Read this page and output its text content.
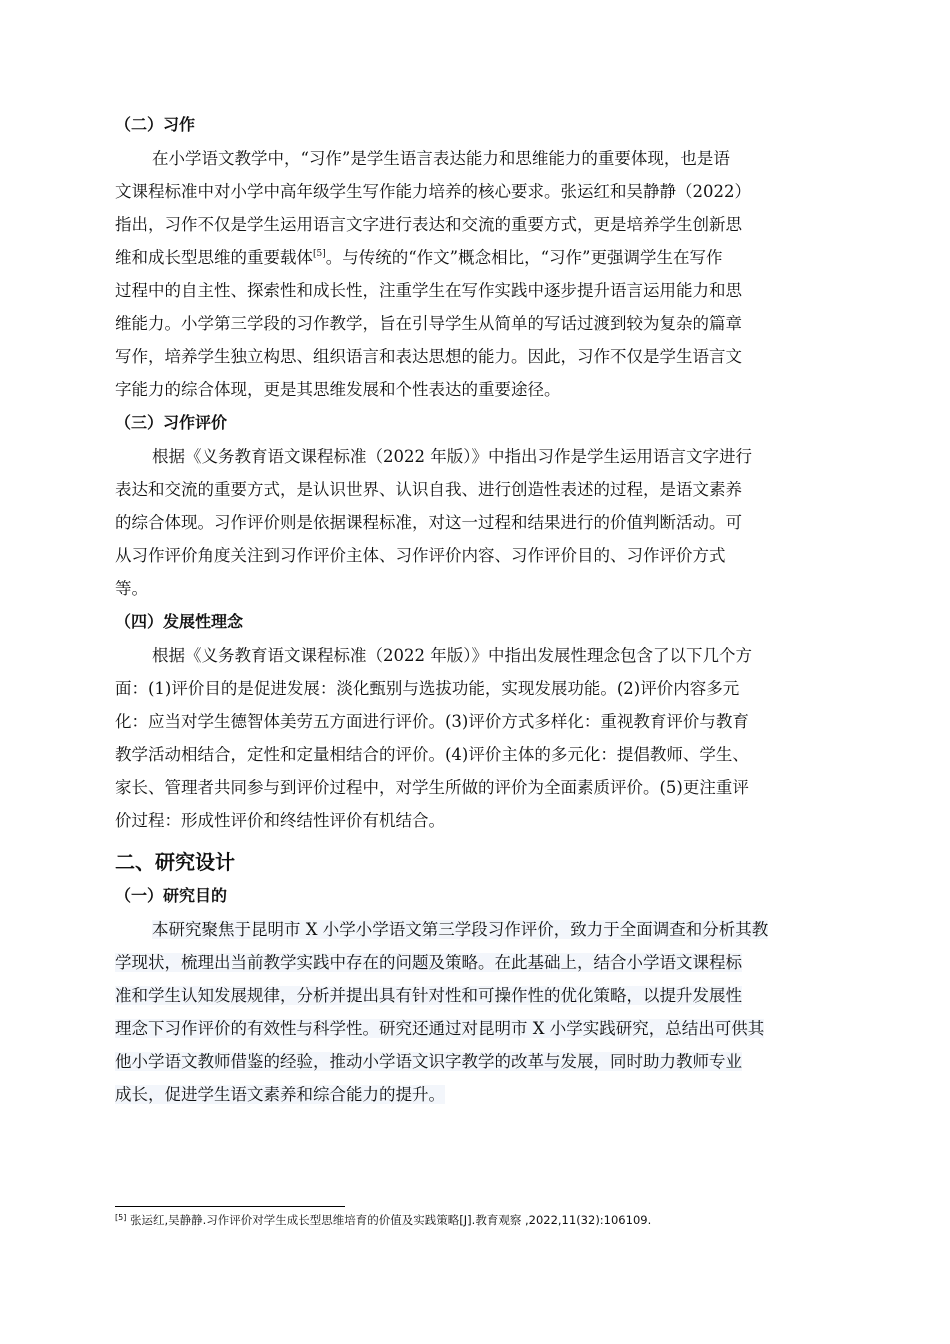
（二）习作
在小学语文教学中，“习作”是学生语言表达能力和思维能力的重要体现，也是语
文课程标准中对小学中高年级学生写作能力培养的核心要求。张运红和吴静静（2022）
指出，习作不仅是学生运用语言文字进行表达和交流的重要方式，更是培养学生创新思
维和成长型思维的重要载体[5]。与传统的“作文”概念相比，“习作”更强调学生在写作
过程中的自主性、探索性和成长性，注重学生在写作实践中逐步提升语言运用能力和思
维能力。小学第三学段的习作教学，旨在引导学生从简单的写话过渡到较为复杂的篇章
写作，培养学生独立构思、组织语言和表达思想的能力。因此，习作不仅是学生语言文
字能力的综合体现，更是其思维发展和个性表达的重要途径。
（三）习作评价
根据《义务教育语文课程标准（2022 年版）》中指出习作是学生运用语言文字进行
表达和交流的重要方式，是认识世界、认识自我、进行创造性表述的过程，是语文素养
的综合体现。习作评价则是依据课程标准，对这一过程和结果进行的价值判断活动。可
从习作评价角度关注到习作评价主体、习作评价内容、习作评价目的、习作评价方式
等。
（四）发展性理念
根据《义务教育语文课程标准（2022 年版）》中指出发展性理念包含了以下几个方
面：(1)评价目的是促进发展：淡化甄别与选拔功能，实现发展功能。(2)评价内容多元
化：应当对学生德智体美劳五方面进行评价。(3)评价方式多样化：重视教育评价与教育
教学活动相结合，定性和定量相结合的评价。(4)评价主体的多元化：提倡教师、学生、
家长、管理者共同参与到评价过程中，对学生所做的评价为全面素质评价。(5)更注重评
价过程：形成性评价和终结性评价有机结合。
二、研究设计
（一）研究目的
本研究聚焦于昆明市 X 小学小学语文第三学段习作评价，致力于全面调查和分析其教
学现状，梳理出当前教学实践中存在的问题及策略。在此基础上，结合小学语文课程标
准和学生认知发展规律，分析并提出具有针对性和可操作性的优化策略，以提升发展性
理念下习作评价的有效性与科学性。研究还通过对昆明市 X 小学实践研究，总结出可供其
他小学语文教师借鉴的经验，推动小学语文识字教学的改革与发展，同时助力教师专业
成长，促进学生语文素养和综合能力的提升。
[5] 张运红,吴静静.习作评价对学生成长型思维培育的价值及实践策略[J].教育观察 ,2022,11(32):106109.
